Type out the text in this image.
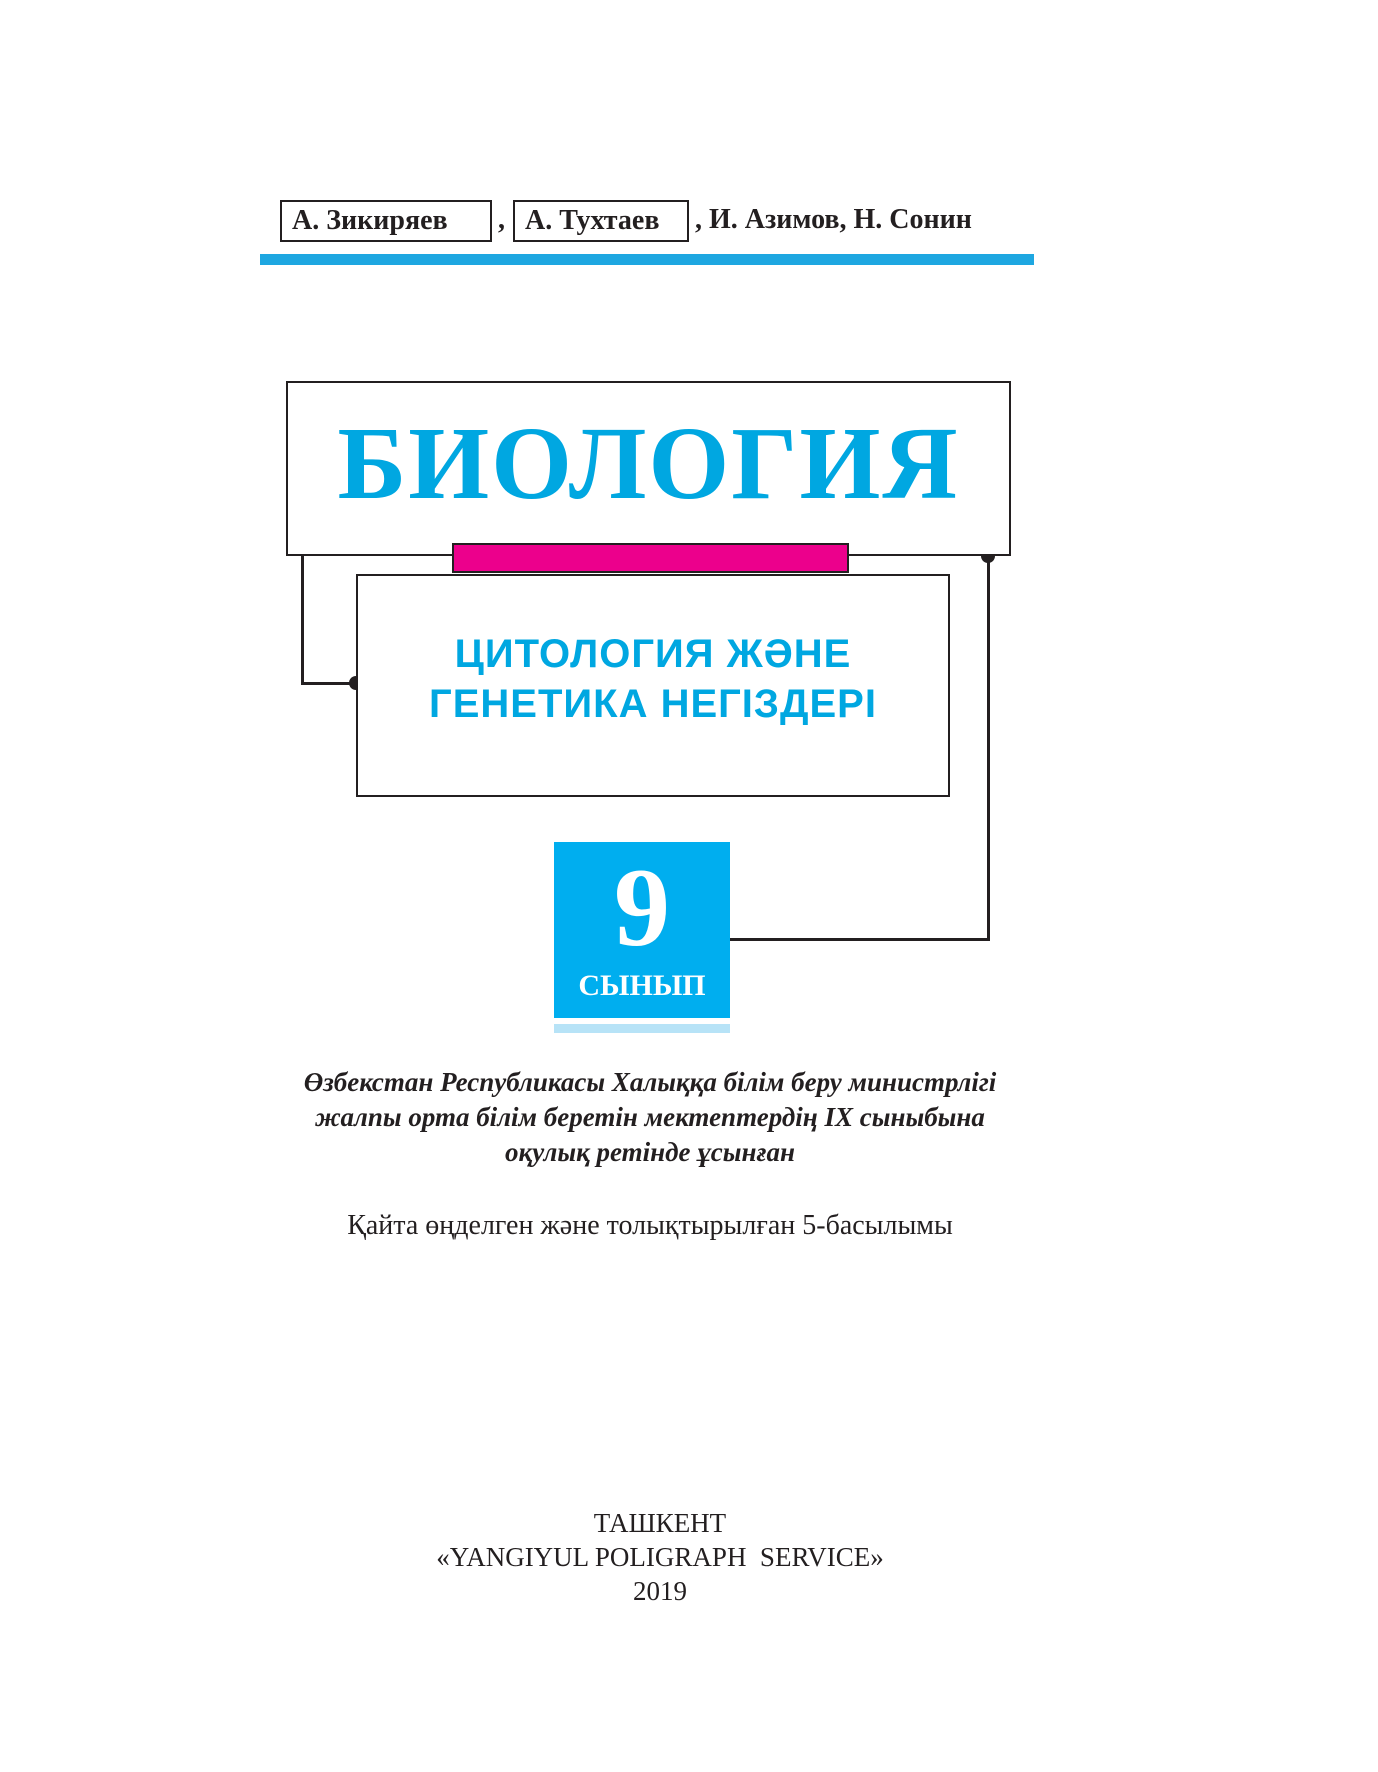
А. Зикиряев	, А. Тухтаев	, И. Азимов, Н. Сонин
БИОЛОГИЯ
ЦИТОЛОГИЯ ЖӘНЕ
ГЕНЕТИКА НЕГІЗДЕРІ
9
СЫНЫП
Өзбекстан Республикасы Халыққа білім беру министрлігі
жалпы орта білім беретін мектептердің IX сыныбына
оқулық ретінде ұсынған
Қайта өңделген және толықтырылған 5-басылымы
ТАШКЕНТ
«YANGIYUL POLIGRAPH  SERVICE»
2019
